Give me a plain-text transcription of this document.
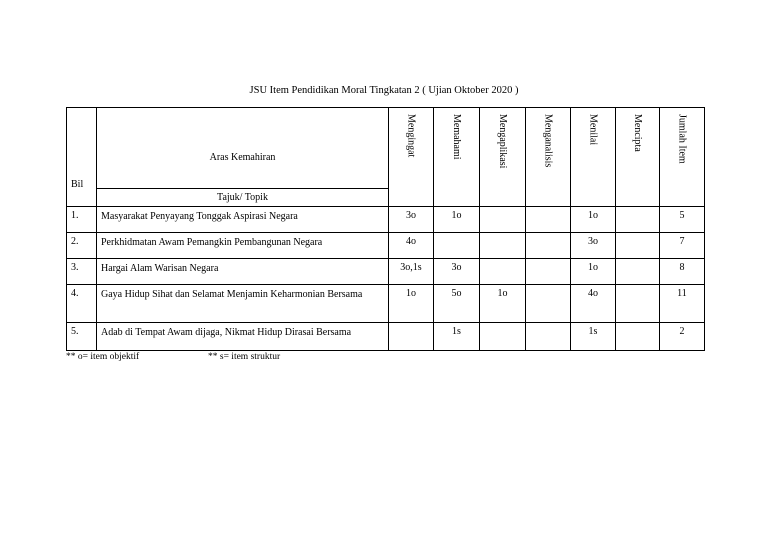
JSU Item Pendidikan Moral Tingkatan 2 ( Ujian Oktober 2020 )
Bil	Aras Kemahiran	Mengingat	Memahami	Mengaplikasi	Menganalisis	Menilai	Mencipta	Jumlah Item

	Tajuk/ Topik							
1.	Masyarakat Penyayang Tonggak Aspirasi Negara	3o	1o			1o		5
2.	Perkhidmatan Awam Pemangkin Pembangunan Negara	4o				3o		7
3.	Hargai Alam Warisan Negara	3o,1s	3o			1o		8
4.	Gaya Hidup Sihat dan Selamat Menjamin Keharmonian Bersama	1o	5o	1o		4o		11
5.	Adab di Tempat Awam dijaga, Nikmat Hidup Dirasai Bersama		1s			1s		2
** o= item objektif	** s= item struktur
